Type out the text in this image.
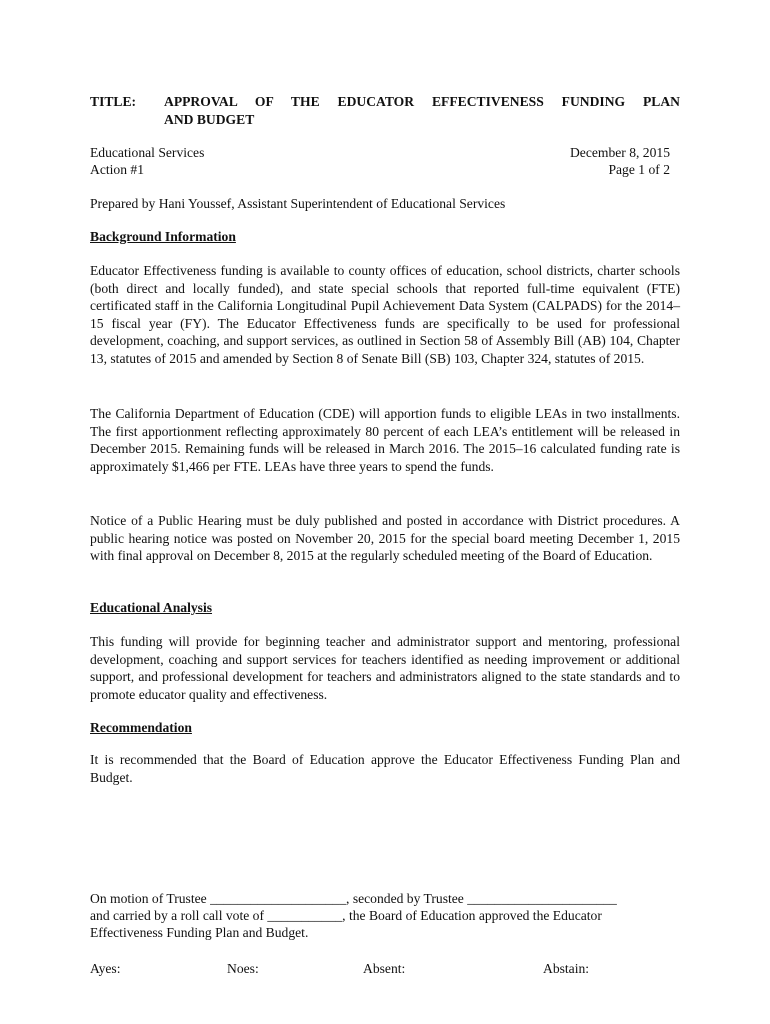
TITLE: APPROVAL OF THE EDUCATOR EFFECTIVENESS FUNDING PLAN
AND BUDGET
Educational Services
Action #1
December 8, 2015
Page 1 of 2
Prepared by Hani Youssef, Assistant Superintendent of Educational Services
Background Information
Educator Effectiveness funding is available to county offices of education, school districts, charter schools (both direct and locally funded), and state special schools that reported full-time equivalent (FTE) certificated staff in the California Longitudinal Pupil Achievement Data System (CALPADS) for the 2014–15 fiscal year (FY). The Educator Effectiveness funds are specifically to be used for professional development, coaching, and support services, as outlined in Section 58 of Assembly Bill (AB) 104, Chapter 13, statutes of 2015 and amended by Section 8 of Senate Bill (SB) 103, Chapter 324, statutes of 2015.
The California Department of Education (CDE) will apportion funds to eligible LEAs in two installments. The first apportionment reflecting approximately 80 percent of each LEA’s entitlement will be released in December 2015. Remaining funds will be released in March 2016. The 2015–16 calculated funding rate is approximately $1,466 per FTE. LEAs have three years to spend the funds.
Notice of a Public Hearing must be duly published and posted in accordance with District procedures. A public hearing notice was posted on November 20, 2015 for the special board meeting December 1, 2015 with final approval on December 8, 2015 at the regularly scheduled meeting of the Board of Education.
Educational Analysis
This funding will provide for beginning teacher and administrator support and mentoring, professional development, coaching and support services for teachers identified as needing improvement or additional support, and professional development for teachers and administrators aligned to the state standards and to promote educator quality and effectiveness.
Recommendation
It is recommended that the Board of Education approve the Educator Effectiveness Funding Plan and Budget.
On motion of Trustee ____________________, seconded by Trustee ______________________
and carried by a roll call vote of ___________, the Board of Education approved the Educator
Effectiveness Funding Plan and Budget.
Ayes:	Noes:	Absent:	Abstain:
